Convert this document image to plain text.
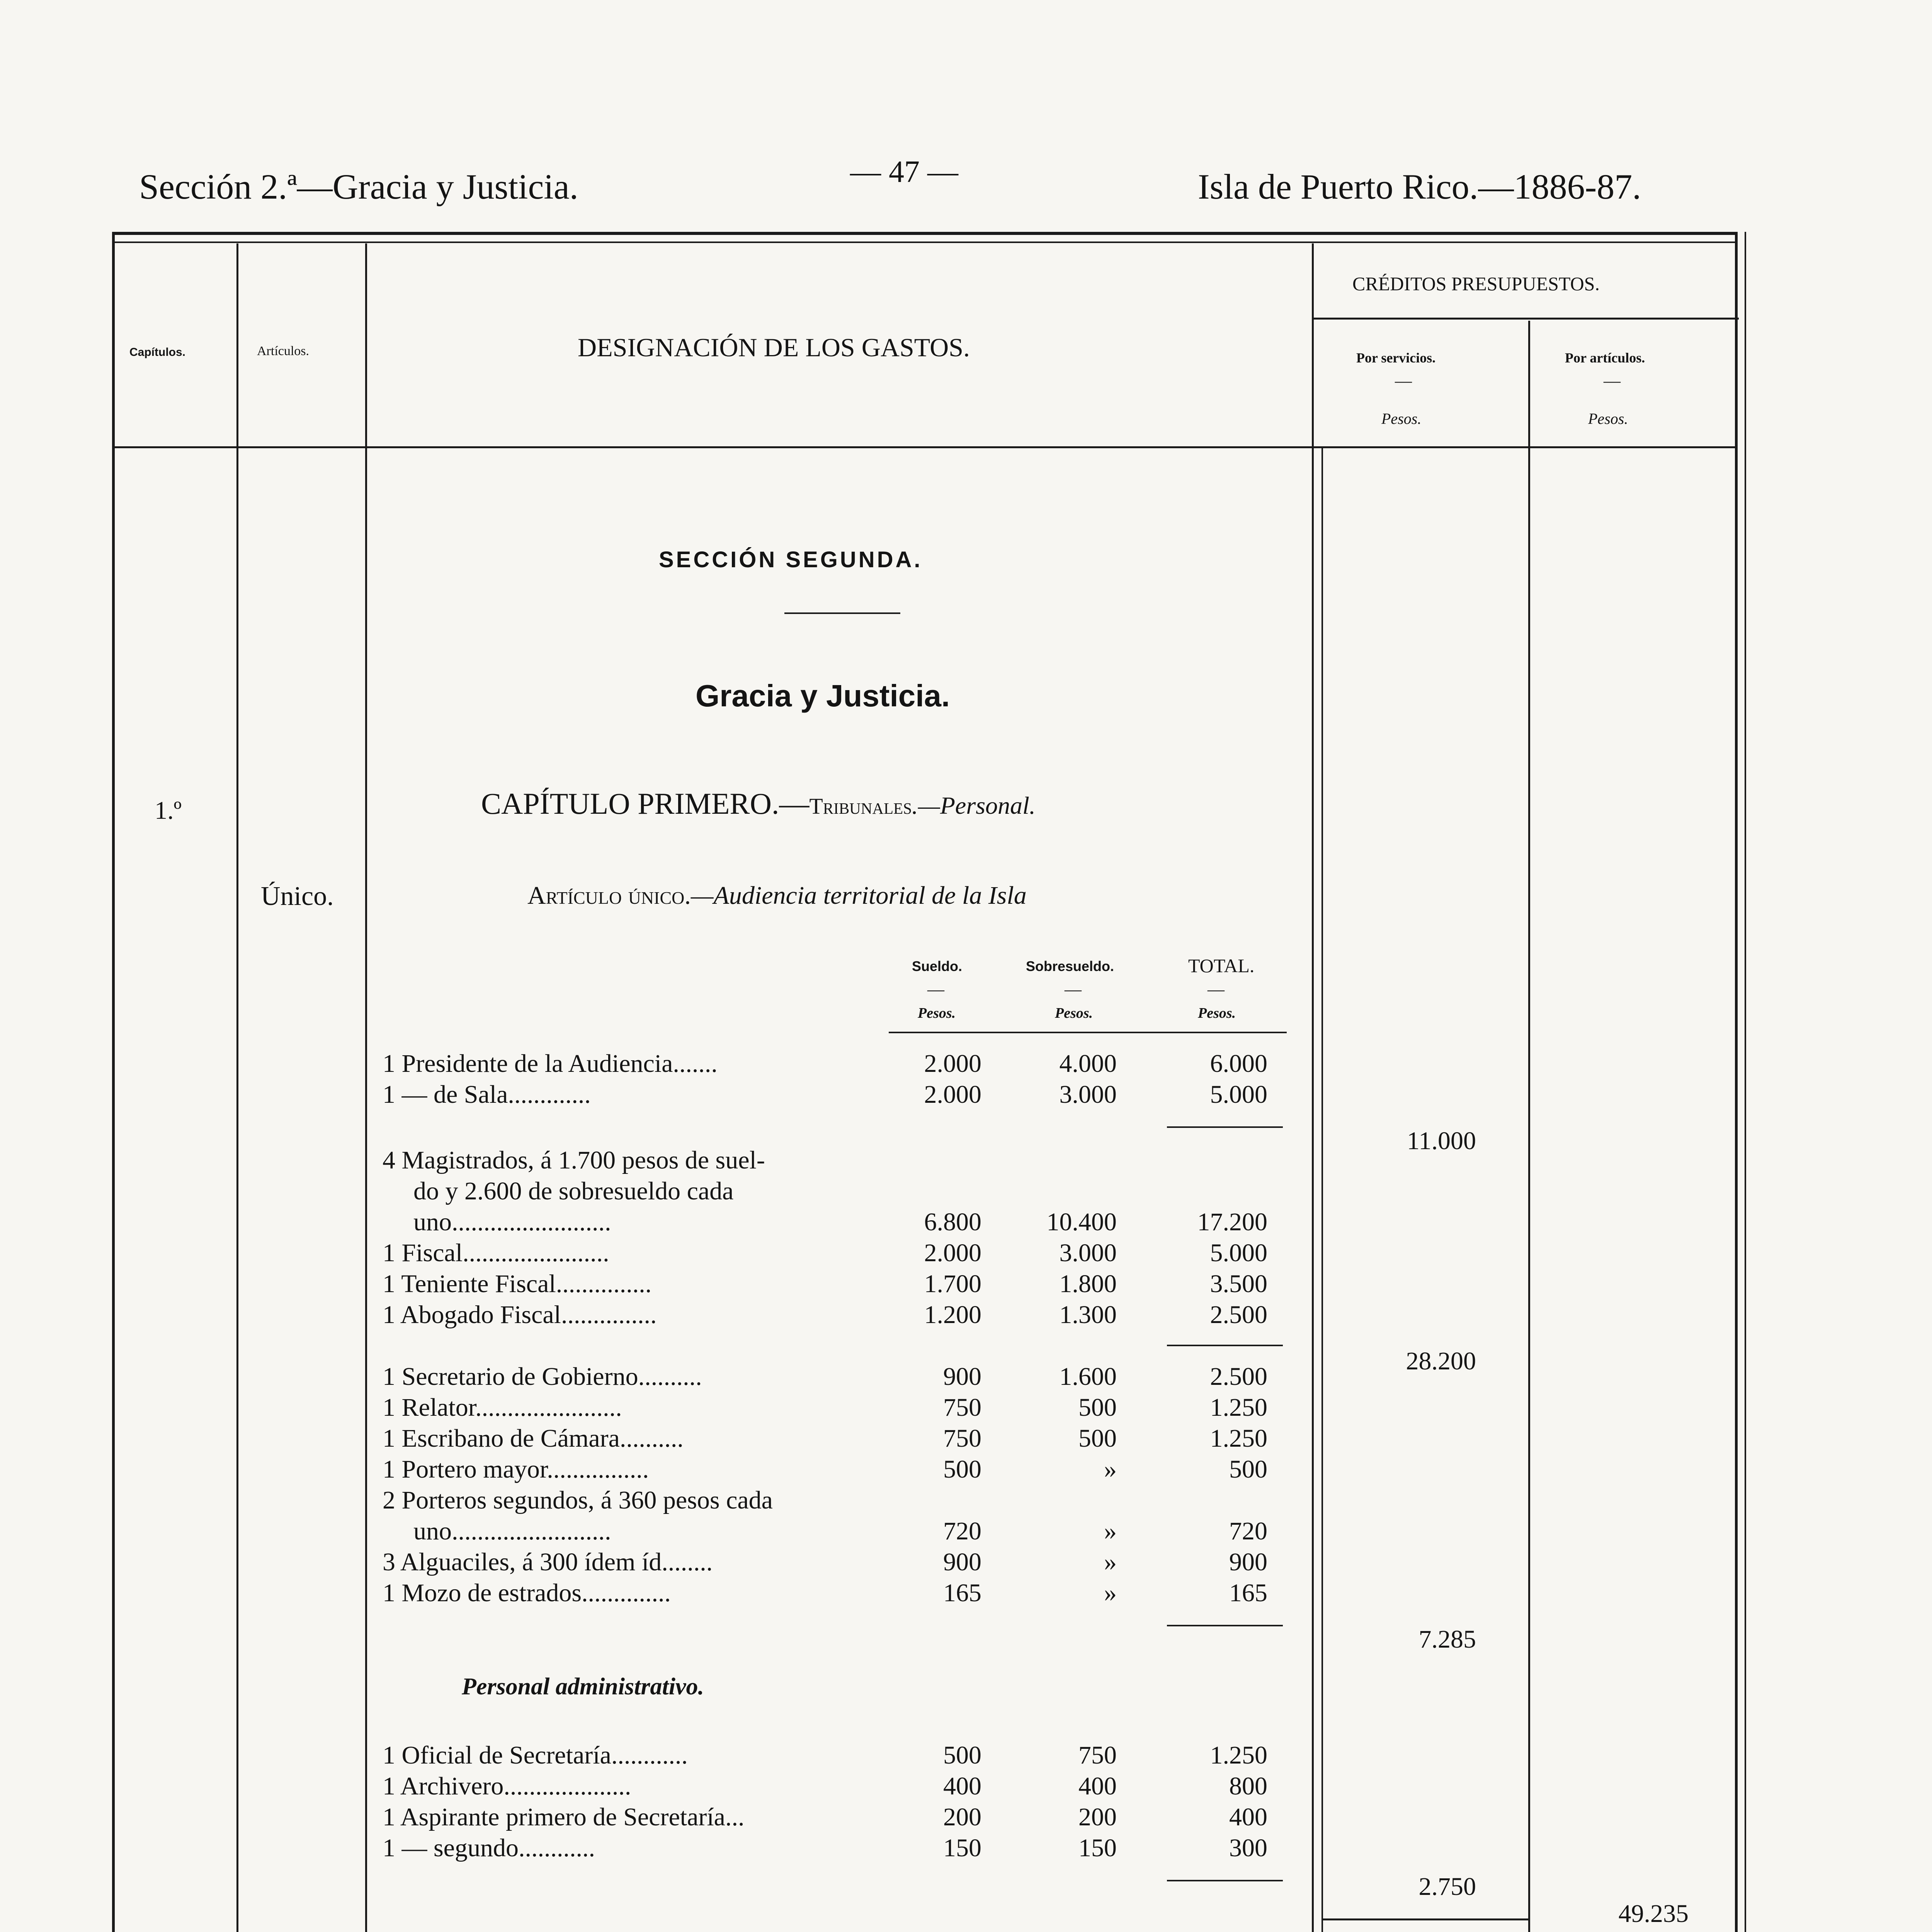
Sección 2.ª—Gracia y Justicia.	— 47 —	Isla de Puerto Rico.—1886-87.
Capítulos.	Artículos.	DESIGNACIÓN DE LOS GASTOS.
CRÉDITOS PRESUPUESTOS.
Por servicios.	Por artículos.
—	—
Pesos.	Pesos.
SECCIÓN SEGUNDA.
Gracia y Justicia.
1.º	CAPÍTULO PRIMERO.—Tribunales.—Personal.
Único.	Artículo único.—Audiencia territorial de la Isla
Sueldo.	Sobresueldo.	TOTAL.
—	—	—
Pesos.	Pesos.	Pesos.
1 Presidente de la Audiencia.......	2.000	4.000	6.000
1 — de Sala.............	2.000	3.000	5.000
11.000
4 Magistrados, á 1.700 pesos de suel-
do y 2.600 de sobresueldo cada
uno.........................	6.800	10.400	17.200
1 Fiscal.......................	2.000	3.000	5.000
1 Teniente Fiscal...............	1.700	1.800	3.500
1 Abogado Fiscal...............	1.200	1.300	2.500
28.200
1 Secretario de Gobierno..........	900	1.600	2.500
1 Relator.......................	750	500	1.250
1 Escribano de Cámara..........	750	500	1.250
1 Portero mayor................	500	»	500
2 Porteros segundos, á 360 pesos cada
uno.........................	720	»	720
3 Alguaciles, á 300 ídem íd........	900	»	900
1 Mozo de estrados..............	165	»	165
7.285
Personal administrativo.
1 Oficial de Secretaría............	500	750	1.250
1 Archivero....................	400	400	800
1 Aspirante primero de Secretaría...	200	200	400
1 — segundo............	150	150	300
2.750
49.235
